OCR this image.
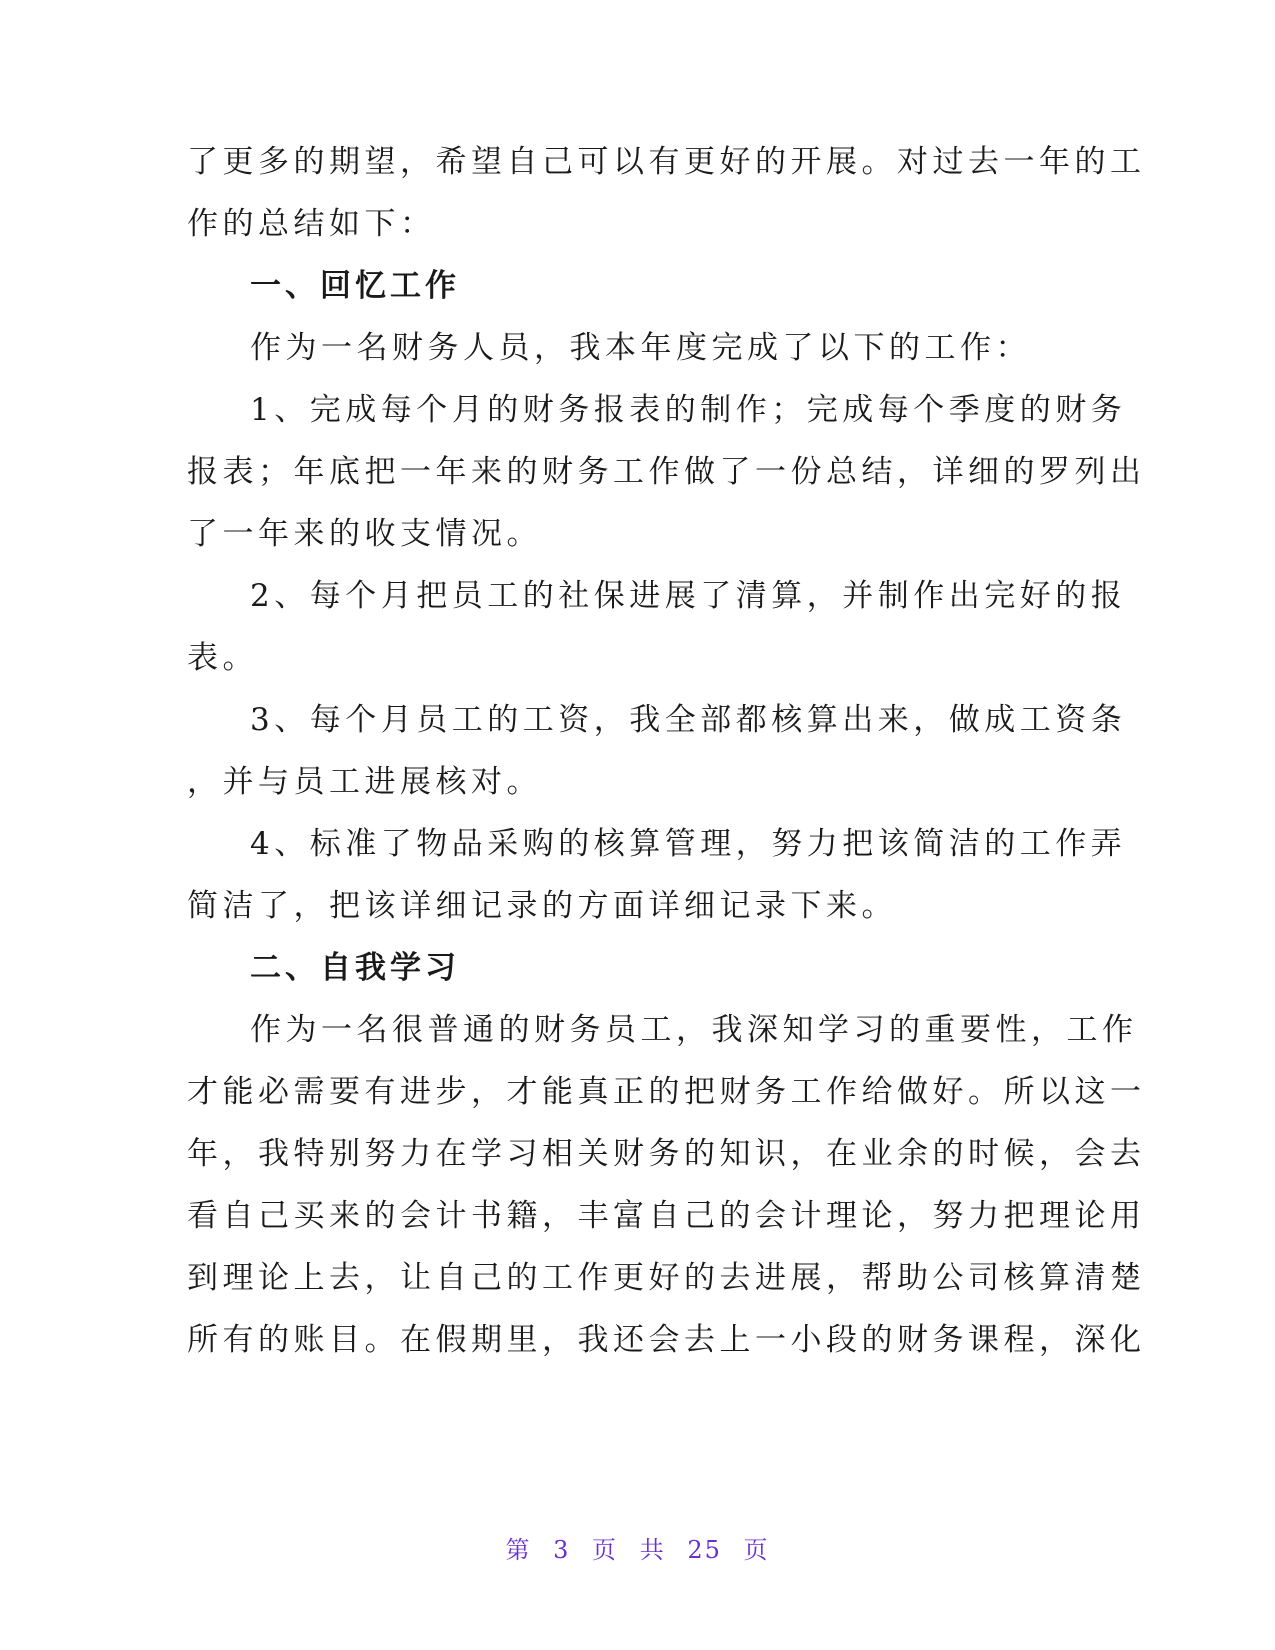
了更多的期望，希望自己可以有更好的开展。对过去一年的工
作的总结如下：
一、回忆工作
作为一名财务人员，我本年度完成了以下的工作：
1、完成每个月的财务报表的制作；完成每个季度的财务
报表；年底把一年来的财务工作做了一份总结，详细的罗列出
了一年来的收支情况。
2、每个月把员工的社保进展了清算，并制作出完好的报
表。
3、每个月员工的工资，我全部都核算出来，做成工资条
，并与员工进展核对。
4、标准了物品采购的核算管理，努力把该简洁的工作弄
简洁了，把该详细记录的方面详细记录下来。
二、自我学习
作为一名很普通的财务员工，我深知学习的重要性，工作
才能必需要有进步，才能真正的把财务工作给做好。所以这一
年，我特别努力在学习相关财务的知识，在业余的时候，会去
看自己买来的会计书籍，丰富自己的会计理论，努力把理论用
到理论上去，让自己的工作更好的去进展，帮助公司核算清楚
所有的账目。在假期里，我还会去上一小段的财务课程，深化
第 3 页 共 25 页
